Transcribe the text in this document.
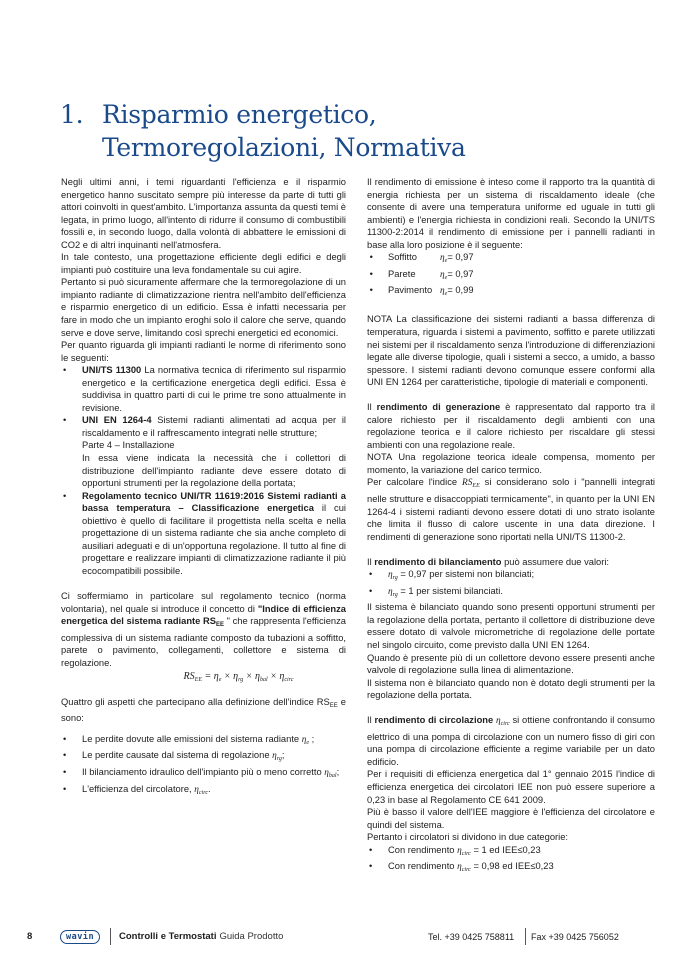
1. Risparmio energetico,
Termoregolazioni, Normativa

Negli ultimi anni, i temi riguardanti l'efficienza e il risparmio energetico hanno suscitato sempre più interesse da parte di tutti gli attori coinvolti in quest'ambito. L'importanza assunta da questi temi è legata, in primo luogo, all'intento di ridurre il consumo di combustibili fossili e, in secondo luogo, dalla volontà di abbattere le emissioni di CO2 e di altri inquinanti nell'atmosfera.

In tale contesto, una progettazione efficiente degli edifici e degli impianti può costituire una leva fondamentale su cui agire.

Pertanto si può sicuramente affermare che la termoregolazione di un impianto radiante di climatizzazione rientra nell'ambito dell'efficienza e risparmio energetico di un edificio. Essa è infatti necessaria per fare in modo che un impianto eroghi solo il calore che serve, quando serve e dove serve, limitando così sprechi energetici ed economici.

Per quanto riguarda gli impianti radianti le norme di riferimento sono le seguenti:

• UNI/TS 11300 La normativa tecnica di riferimento sul risparmio energetico e la certificazione energetica degli edifici. Essa è suddivisa in quattro parti di cui le prime tre sono attualmente in revisione.
• UNI EN 1264-4 Sistemi radianti alimentati ad acqua per il riscaldamento e il raffrescamento integrati nelle strutture;
Parte 4 – Installazione
In essa viene indicata la necessità che i collettori di distribuzione dell'impianto radiante deve essere dotato di opportuni strumenti per la regolazione della portata;
• Regolamento tecnico UNI/TR 11619:2016 Sistemi radianti a bassa temperatura – Classificazione energetica il cui obiettivo è quello di facilitare il progettista nella scelta e nella progettazione di un sistema radiante che sia anche completo di ausiliari adeguati e di un'opportuna regolazione. Il tutto al fine di progettare e realizzare impianti di climatizzazione radiante il più ecocompatibili possibile.

Ci soffermiamo in particolare sul regolamento tecnico (norma volontaria), nel quale si introduce il concetto di "Indice di efficienza energetica del sistema radiante $RS_{EE}$ " che rappresenta l'efficienza complessiva di un sistema radiante composto da tubazioni a soffitto, parete o pavimento, collegamenti, collettore e sistema di regolazione.

$RS_{EE} = \eta_e \times \eta_{rg} \times \eta_{bal} \times \eta_{circ}$

Quattro gli aspetti che partecipano alla definizione dell'indice $RS_{EE}$ e sono:

• Le perdite dovute alle emissioni del sistema radiante $\eta_e$ ;
• Le perdite causate dal sistema di regolazione $\eta_{rg}$;
• Il bilanciamento idraulico dell'impianto più o meno corretto $\eta_{bal}$;
• L'efficienza del circolatore, $\eta_{circ}$.

Il rendimento di emissione è inteso come il rapporto tra la quantità di energia richiesta per un sistema di riscaldamento ideale (che consente di avere una temperatura uniforme ed uguale in tutti gli ambienti) e l'energia richiesta in condizioni reali. Secondo la UNI/TS 11300-2:2014 il rendimento di emissione per i pannelli radianti in base alla loro posizione è il seguente:

•	Soffitto	$\eta_e= 0,97$
•	Parete	$\eta_e= 0,97$
•	Pavimento $\eta_e= 0,99$

NOTA La classificazione dei sistemi radianti a bassa differenza di temperatura, riguarda i sistemi a pavimento, soffitto e parete utilizzati nei sistemi per il riscaldamento senza l'introduzione di differenziazioni legate alle diverse tipologie, quali i sistemi a secco, a umido, a basso spessore. I sistemi radianti devono comunque essere conformi alla UNI EN 1264 per caratteristiche, tipologie di materiali e componenti.

Il rendimento di generazione è rappresentato dal rapporto tra il calore richiesto per il riscaldamento degli ambienti con una regolazione teorica e il calore richiesto per riscaldare gli stessi ambienti con una regolazione reale.

NOTA Una regolazione teorica ideale compensa, momento per momento, la variazione del carico termico.

Per calcolare l'indice $RS_{EE}$ si considerano solo i "pannelli integrati nelle strutture e disaccoppiati termicamente", in quanto per la UNI EN 1264-4 i sistemi radianti devono essere dotati di uno strato isolante che limita il flusso di calore uscente in una data direzione. I rendimenti di generazione sono riportati nella UNI/TS 11300-2.

Il rendimento di bilanciamento può assumere due valori:

• $\eta_{rg} = 0,97$ per sistemi non bilanciati;
• $\eta_{rg} = 1$ per sistemi bilanciati.

Il sistema è bilanciato quando sono presenti opportuni strumenti per la regolazione della portata, pertanto il collettore di distribuzione deve essere dotato di valvole micrometriche di regolazione delle portate nel singolo circuito, come previsto dalla UNI EN 1264.

Quando è presente più di un collettore devono essere presenti anche valvole di regolazione sulla linea di alimentazione.

Il sistema non è bilanciato quando non è dotato degli strumenti per la regolazione della portata.

Il rendimento di circolazione $\eta_{circ}$ si ottiene confrontando il consumo elettrico di una pompa di circolazione con un numero fisso di giri con una pompa di circolazione efficiente a regime variabile per un dato edificio.

Per i requisiti di efficienza energetica dal 1° gennaio 2015 l'indice di efficienza energetica dei circolatori IEE non può essere superiore a 0,23 in base al Regolamento CE 641 2009.

Più è basso il valore dell'IEE maggiore è l'efficienza del circolatore e quindi del sistema.

Pertanto i circolatori si dividono in due categorie:

• Con rendimento $\eta_{circ} = 1$ ed IEE≤0,23
• Con rendimento $\eta_{circ} = 0,98$ ed IEE≤0,23
8	wavin	Controlli e Termostati Guida Prodotto	Tel. +39 0425 758811 Fax +39 0425 756052
